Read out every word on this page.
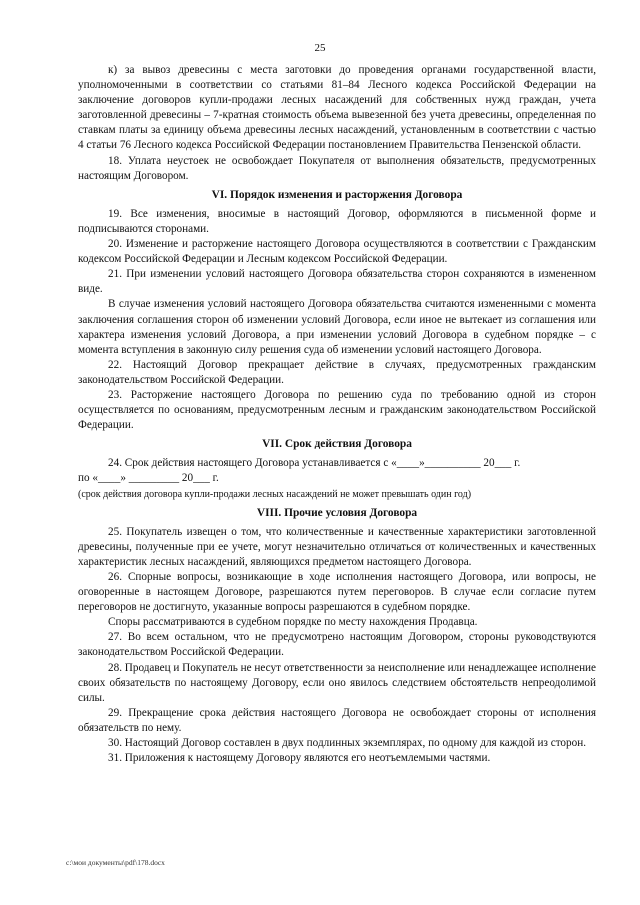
25

к) за вывоз древесины с места заготовки до проведения органами государственной власти, уполномоченными в соответствии со статьями 81–84 Лесного кодекса Российской Федерации на заключение договоров купли-продажи лесных насаждений для собственных нужд граждан, учета заготовленной древесины – 7-кратная стоимость объема вывезенной без учета древесины, определенная по ставкам платы за единицу объема древесины лесных насаждений, установленным в соответствии с частью 4 статьи 76 Лесного кодекса Российской Федерации постановлением Правительства Пензенской области.

18. Уплата неустоек не освобождает Покупателя от выполнения обязательств, предусмотренных настоящим Договором.

VI. Порядок изменения и расторжения Договора

19. Все изменения, вносимые в настоящий Договор, оформляются в письменной форме и подписываются сторонами.

20. Изменение и расторжение настоящего Договора осуществляются в соответствии с Гражданским кодексом Российской Федерации и Лесным кодексом Российской Федерации.

21. При изменении условий настоящего Договора обязательства сторон сохраняются в измененном виде.

В случае изменения условий настоящего Договора обязательства считаются измененными с момента заключения соглашения сторон об изменении условий Договора, если иное не вытекает из соглашения или характера изменения условий Договора, а при изменении условий Договора в судебном порядке – с момента вступления в законную силу решения суда об изменении условий настоящего Договора.

22. Настоящий Договор прекращает действие в случаях, предусмотренных гражданским законодательством Российской Федерации.

23. Расторжение настоящего Договора по решению суда по требованию одной из сторон осуществляется по основаниям, предусмотренным лесным и гражданским законодательством Российской Федерации.

VII. Срок действия Договора

24. Срок действия настоящего Договора устанавливается с «____»__________ 20___ г.

по «____» _________ 20___ г.

(срок действия договора купли-продажи лесных насаждений не может превышать один год)

VIII. Прочие условия Договора

25. Покупатель извещен о том, что количественные и качественные характеристики заготовленной древесины, полученные при ее учете, могут незначительно отличаться от количественных и качественных характеристик лесных насаждений, являющихся предметом настоящего Договора.

26. Спорные вопросы, возникающие в ходе исполнения настоящего Договора, или вопросы, не оговоренные в настоящем Договоре, разрешаются путем переговоров. В случае если согласие путем переговоров не достигнуто, указанные вопросы разрешаются в судебном порядке.

Споры рассматриваются в судебном порядке по месту нахождения Продавца.

27. Во всем остальном, что не предусмотрено настоящим Договором, стороны руководствуются законодательством Российской Федерации.

28. Продавец и Покупатель не несут ответственности за неисполнение или ненадлежащее исполнение своих обязательств по настоящему Договору, если оно явилось следствием обстоятельств непреодолимой силы.

29. Прекращение срока действия настоящего Договора не освобождает стороны от исполнения обязательств по нему.

30. Настоящий Договор составлен в двух подлинных экземплярах, по одному для каждой из сторон.

31. Приложения к настоящему Договору являются его неотъемлемыми частями.

c:\мои документы\pdf\178.docx
